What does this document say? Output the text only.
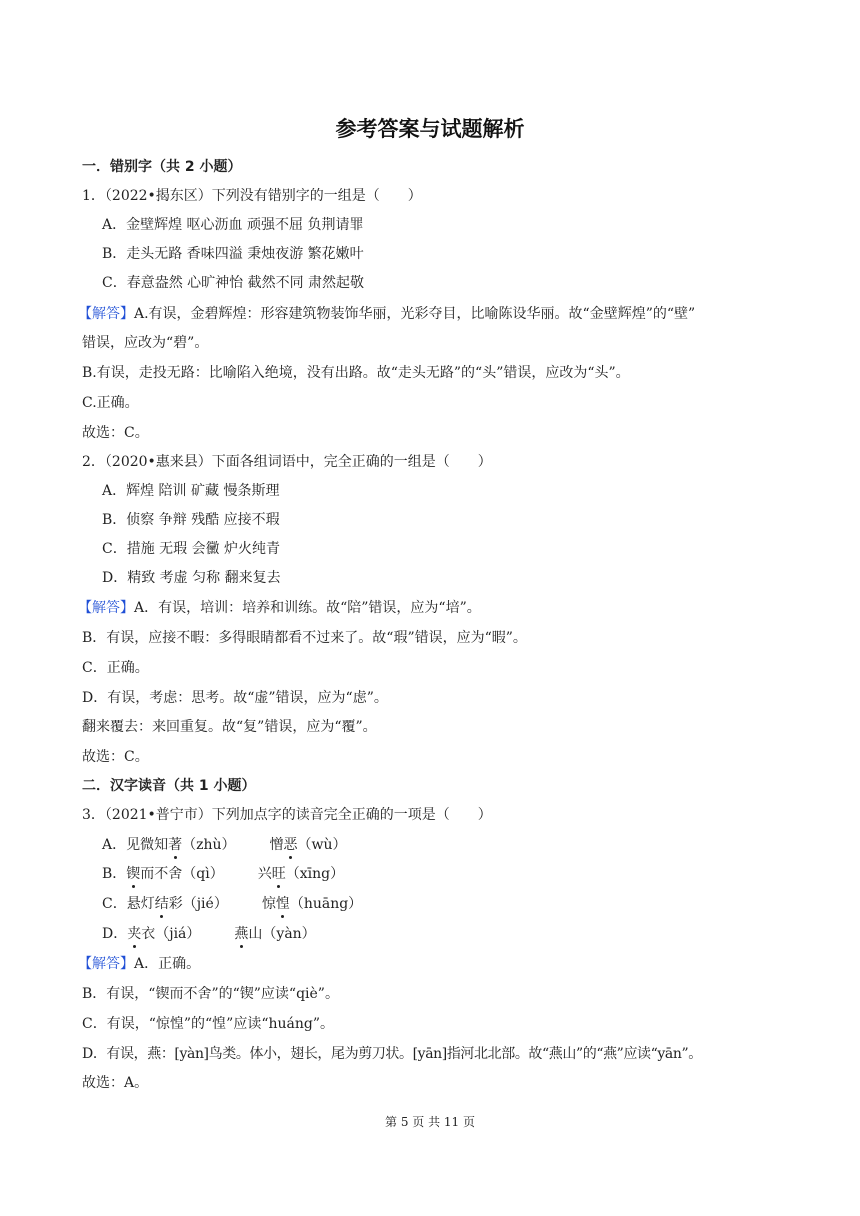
参考答案与试题解析
一．错别字（共 2 小题）
1．（2022•揭东区）下列没有错别字的一组是（　　）
A．金壁辉煌 呕心沥血 顽强不屈 负荆请罪
B．走头无路 香味四溢 秉烛夜游 繁花嫩叶
C．春意盎然 心旷神怡 截然不同 肃然起敬
【解答】A.有误，金碧辉煌：形容建筑物装饰华丽，光彩夺目，比喻陈设华丽。故“金壁辉煌”的“壁”
错误，应改为“碧”。
B.有误，走投无路：比喻陷入绝境，没有出路。故“走头无路”的“头”错误，应改为“头”。
C.正确。
故选：C。
2．（2020•惠来县）下面各组词语中，完全正确的一组是（　　）
A．辉煌 陪训 矿藏 慢条斯理
B．侦察 争辩 残酷 应接不瑕
C．措施 无瑕 会黴 炉火纯青
D．精致 考虚 匀称 翻来复去
【解答】A．有误，培训：培养和训练。故“陪”错误，应为“培”。
B．有误，应接不暇：多得眼睛都看不过来了。故“瑕”错误，应为“暇”。
C．正确。
D．有误，考虑：思考。故“虚”错误，应为“虑”。
翻来覆去：来回重复。故“复”错误，应为“覆”。
故选：C。
二．汉字读音（共 1 小题）
3．（2021•普宁市）下列加点字的读音完全正确的一项是（　　）
A．见微知著（zhù） 憎恶（wù）
B．锲而不舍（qì） 兴旺（xīng）
C．悬灯结彩（jié） 惊惶（huāng）
D．夹衣（jiá） 燕山（yàn）
【解答】A．正确。
B．有误，“锲而不舍”的“锲”应读“qiè”。
C．有误，“惊惶”的“惶”应读“huáng”。
D．有误，燕：[yàn]鸟类。体小，翅长，尾为剪刀状。[yān]指河北北部。故“燕山”的“燕”应读“yān”。
故选：A。
第 5 页 共 11 页
